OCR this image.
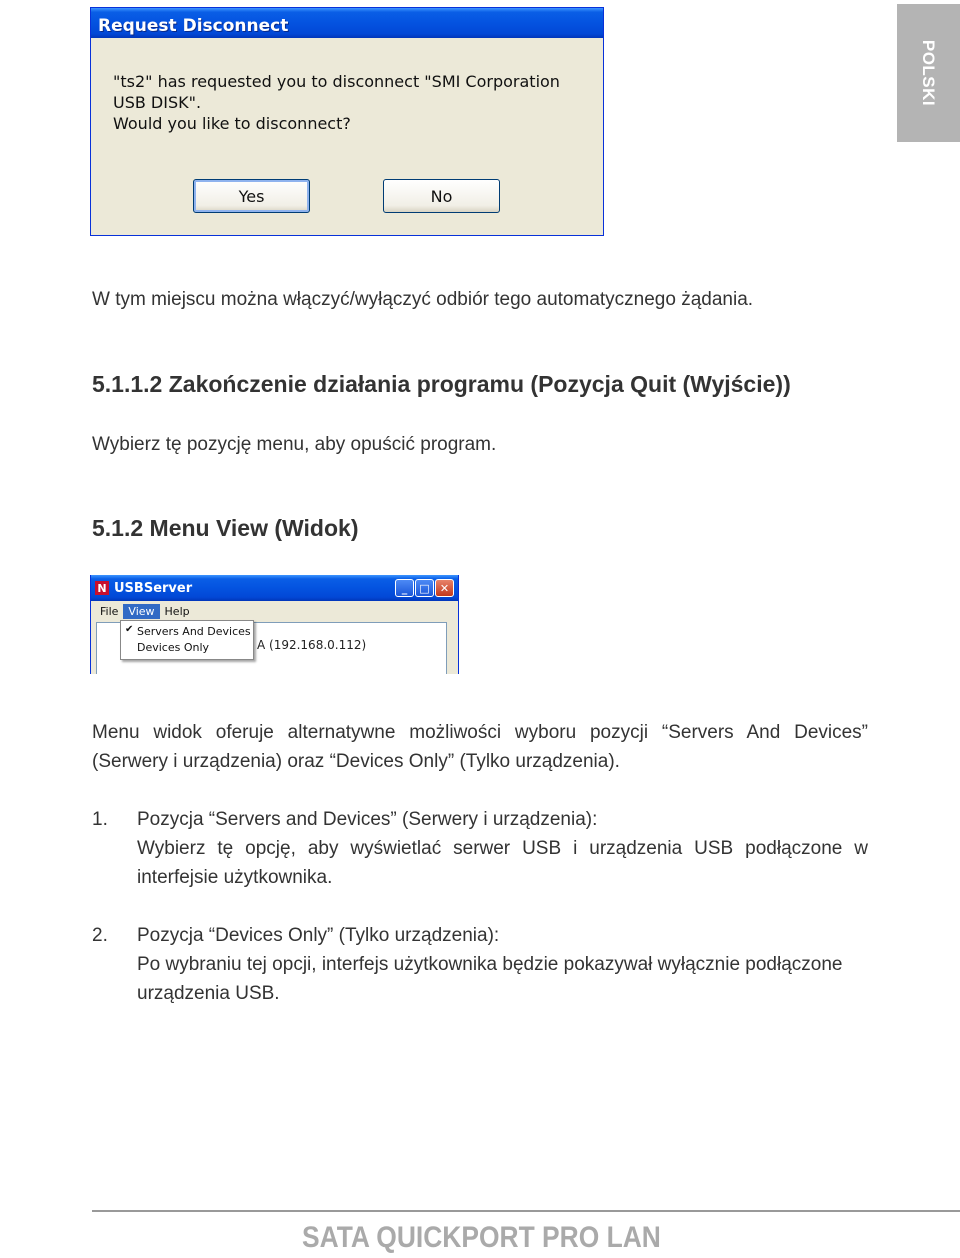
POLSKI
Request Disconnect
"ts2" has requested you to disconnect "SMI Corporation
USB DISK".
Would you like to disconnect?
Yes	No
W tym miejscu można włączyć/wyłączyć odbiór tego automatycznego żądania.
5.1.1.2 Zakończenie działania programu (Pozycja Quit (Wyjście))
Wybierz tę pozycję menu, aby opuścić program.
5.1.2 Menu View (Widok)
N USBServer	_	□ ✕
File View Help
A (192.168.0.112)
✔ Servers And Devices
Devices Only
Menu widok oferuje alternatywne możliwości wyboru pozycji “Servers And Devices” (Serwery i urządzenia) oraz “Devices Only” (Tylko urządzenia).
1. Pozycja “Servers and Devices” (Serwery i urządzenia):
Wybierz tę opcję, aby wyświetlać serwer USB i urządzenia USB podłączone w interfejsie użytkownika.
2. Pozycja “Devices Only” (Tylko urządzenia):
Po wybraniu tej opcji, interfejs użytkownika będzie pokazywał wyłącznie podłączone urządzenia USB.
SATA QUICKPORT PRO LAN
